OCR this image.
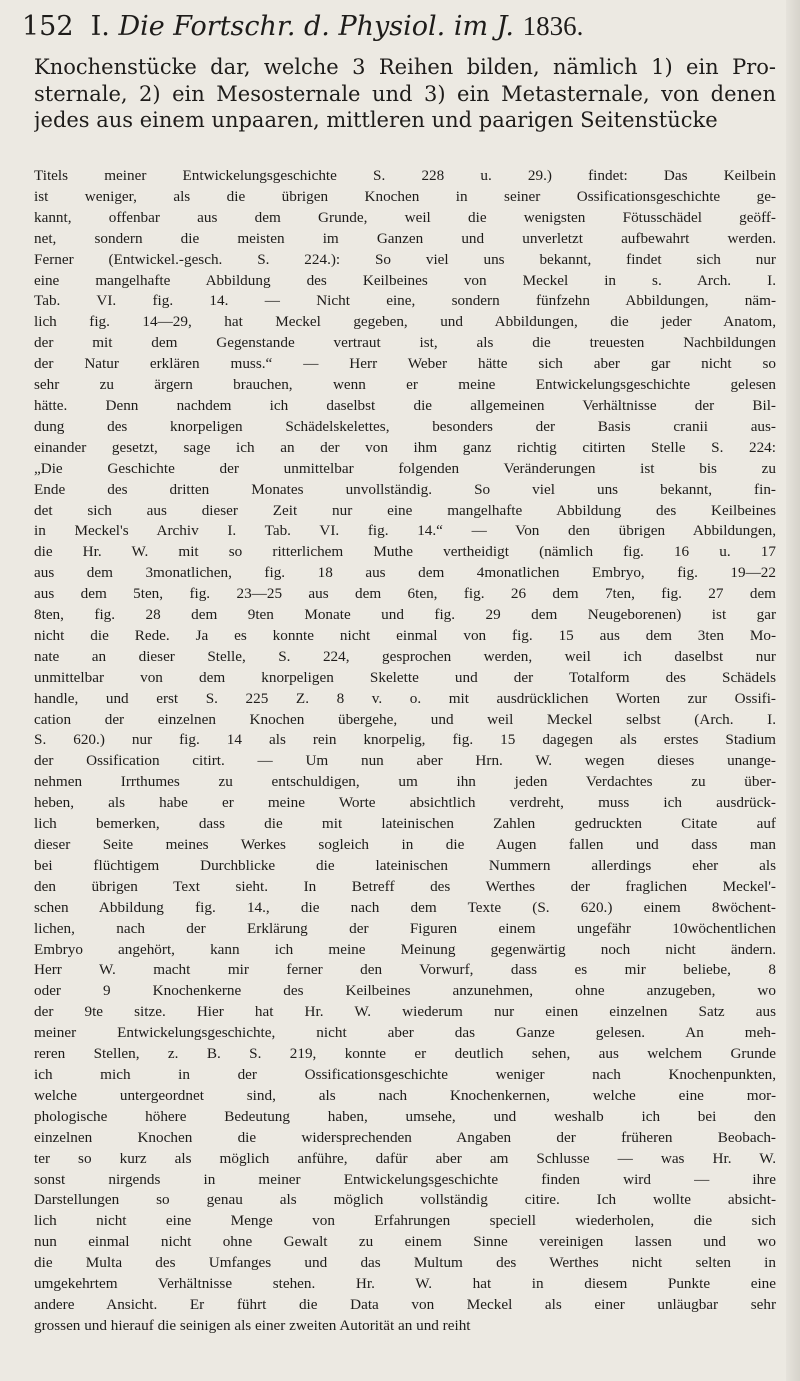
152 I. Die Fortschr. d. Physiol. im J. 1836.
Knochenstücke dar, welche 3 Reihen bilden, nämlich 1) ein Pro-
sternale, 2) ein Mesosternale und 3) ein Metasternale, von denen
jedes aus einem unpaaren, mittleren und paarigen Seitenstücke
Titels meiner Entwickelungsgeschichte S. 228 u. 29.) findet: Das Keilbein
ist weniger, als die übrigen Knochen in seiner Ossificationsgeschichte ge-
kannt, offenbar aus dem Grunde, weil die wenigsten Fötusschädel geöff-
net, sondern die meisten im Ganzen und unverletzt aufbewahrt werden.
Ferner (Entwickel.-gesch. S. 224.): So viel uns bekannt, findet sich nur
eine mangelhafte Abbildung des Keilbeines von Meckel in s. Arch. I.
Tab. VI. fig. 14. — Nicht eine, sondern fünfzehn Abbildungen, näm-
lich fig. 14—29, hat Meckel gegeben, und Abbildungen, die jeder Anatom,
der mit dem Gegenstande vertraut ist, als die treuesten Nachbildungen
der Natur erklären muss.“ — Herr Weber hätte sich aber gar nicht so
sehr zu ärgern brauchen, wenn er meine Entwickelungsgeschichte gelesen
hätte. Denn nachdem ich daselbst die allgemeinen Verhältnisse der Bil-
dung des knorpeligen Schädelskelettes, besonders der Basis cranii aus-
einander gesetzt, sage ich an der von ihm ganz richtig citirten Stelle S. 224:
„Die Geschichte der unmittelbar folgenden Veränderungen ist bis zu
Ende des dritten Monates unvollständig. So viel uns bekannt, fin-
det sich aus dieser Zeit nur eine mangelhafte Abbildung des Keilbeines
in Meckel's Archiv I. Tab. VI. fig. 14.“ — Von den übrigen Abbildungen,
die Hr. W. mit so ritterlichem Muthe vertheidigt (nämlich fig. 16 u. 17
aus dem 3monatlichen, fig. 18 aus dem 4monatlichen Embryo, fig. 19—22
aus dem 5ten, fig. 23—25 aus dem 6ten, fig. 26 dem 7ten, fig. 27 dem
8ten, fig. 28 dem 9ten Monate und fig. 29 dem Neugeborenen) ist gar
nicht die Rede. Ja es konnte nicht einmal von fig. 15 aus dem 3ten Mo-
nate an dieser Stelle, S. 224, gesprochen werden, weil ich daselbst nur
unmittelbar von dem knorpeligen Skelette und der Totalform des Schädels
handle, und erst S. 225 Z. 8 v. o. mit ausdrücklichen Worten zur Ossifi-
cation der einzelnen Knochen übergehe, und weil Meckel selbst (Arch. I.
S. 620.) nur fig. 14 als rein knorpelig, fig. 15 dagegen als erstes Stadium
der Ossification citirt. — Um nun aber Hrn. W. wegen dieses unange-
nehmen Irrthumes zu entschuldigen, um ihn jeden Verdachtes zu über-
heben, als habe er meine Worte absichtlich verdreht, muss ich ausdrück-
lich bemerken, dass die mit lateinischen Zahlen gedruckten Citate auf
dieser Seite meines Werkes sogleich in die Augen fallen und dass man
bei flüchtigem Durchblicke die lateinischen Nummern allerdings eher als
den übrigen Text sieht. In Betreff des Werthes der fraglichen Meckel'-
schen Abbildung fig. 14., die nach dem Texte (S. 620.) einem 8wöchent-
lichen, nach der Erklärung der Figuren einem ungefähr 10wöchentlichen
Embryo angehört, kann ich meine Meinung gegenwärtig noch nicht ändern.
Herr W. macht mir ferner den Vorwurf, dass es mir beliebe, 8
oder 9 Knochenkerne des Keilbeines anzunehmen, ohne anzugeben, wo
der 9te sitze. Hier hat Hr. W. wiederum nur einen einzelnen Satz aus
meiner Entwickelungsgeschichte, nicht aber das Ganze gelesen. An meh-
reren Stellen, z. B. S. 219, konnte er deutlich sehen, aus welchem Grunde
ich mich in der Ossificationsgeschichte weniger nach Knochenpunkten,
welche untergeordnet sind, als nach Knochenkernen, welche eine mor-
phologische höhere Bedeutung haben, umsehe, und weshalb ich bei den
einzelnen Knochen die widersprechenden Angaben der früheren Beobach-
ter so kurz als möglich anführe, dafür aber am Schlusse — was Hr. W.
sonst nirgends in meiner Entwickelungsgeschichte finden wird — ihre
Darstellungen so genau als möglich vollständig citire. Ich wollte absicht-
lich nicht eine Menge von Erfahrungen speciell wiederholen, die sich
nun einmal nicht ohne Gewalt zu einem Sinne vereinigen lassen und wo
die Multa des Umfanges und das Multum des Werthes nicht selten in
umgekehrtem Verhältnisse stehen. Hr. W. hat in diesem Punkte eine
andere Ansicht. Er führt die Data von Meckel als einer unläugbar sehr
grossen und hierauf die seinigen als einer zweiten Autorität an und reiht
